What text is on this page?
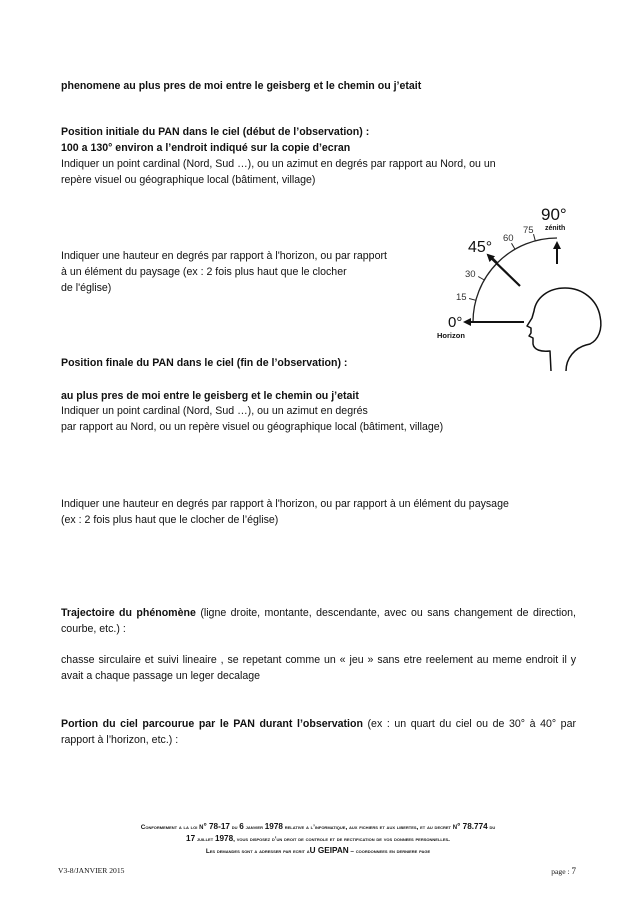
phenomene au plus pres de moi entre le geisberg et le chemin ou j’etait
Position initiale du PAN dans le ciel (début de l’observation) :
100 a 130° environ a l’endroit indiqué sur la copie d’ecran
Indiquer un point cardinal (Nord, Sud …), ou un azimut en degrés par rapport au Nord, ou un
repère visuel ou géographique local (bâtiment, village)
Indiquer une hauteur en degrés par rapport à l'horizon, ou par rapport
à un élément du paysage (ex : 2 fois plus haut que le clocher
de l'église)
0°
Horizon
15
30
45°
60
75
90°
zénith
Position finale du PAN dans le ciel (fin de l’observation) :
au plus pres de moi entre le geisberg et le chemin ou j’etait
Indiquer un point cardinal (Nord, Sud …), ou un azimut en degrés
par rapport au Nord, ou un repère visuel ou géographique local (bâtiment, village)
Indiquer une hauteur en degrés par rapport à l'horizon, ou par rapport à un élément du paysage
(ex : 2 fois plus haut que le clocher de l’église)
Trajectoire du phénomène (ligne droite, montante, descendante, avec ou sans changement de direction, courbe, etc.) :
chasse sirculaire et suivi lineaire , se repetant comme un « jeu » sans etre reelement au meme endroit il y avait a chaque passage un leger decalage
Portion du ciel parcourue par le PAN durant l’observation (ex : un quart du ciel ou de 30° à 40° par rapport à l’horizon, etc.) :
Conformement a la loi n° 78-17 du 6 janvier 1978 relative a l’informatique, aux fichiers et aux libertes, et au decret n° 78.774 du
17 juillet 1978, vous disposez d’un droit de controle et de rectification de vos donnees personnelles.
Les demandes sont a adresser par ecrit aU GEIPAN – coordonnees en derniere page
V3-8/JANVIER 2015	page : 7
